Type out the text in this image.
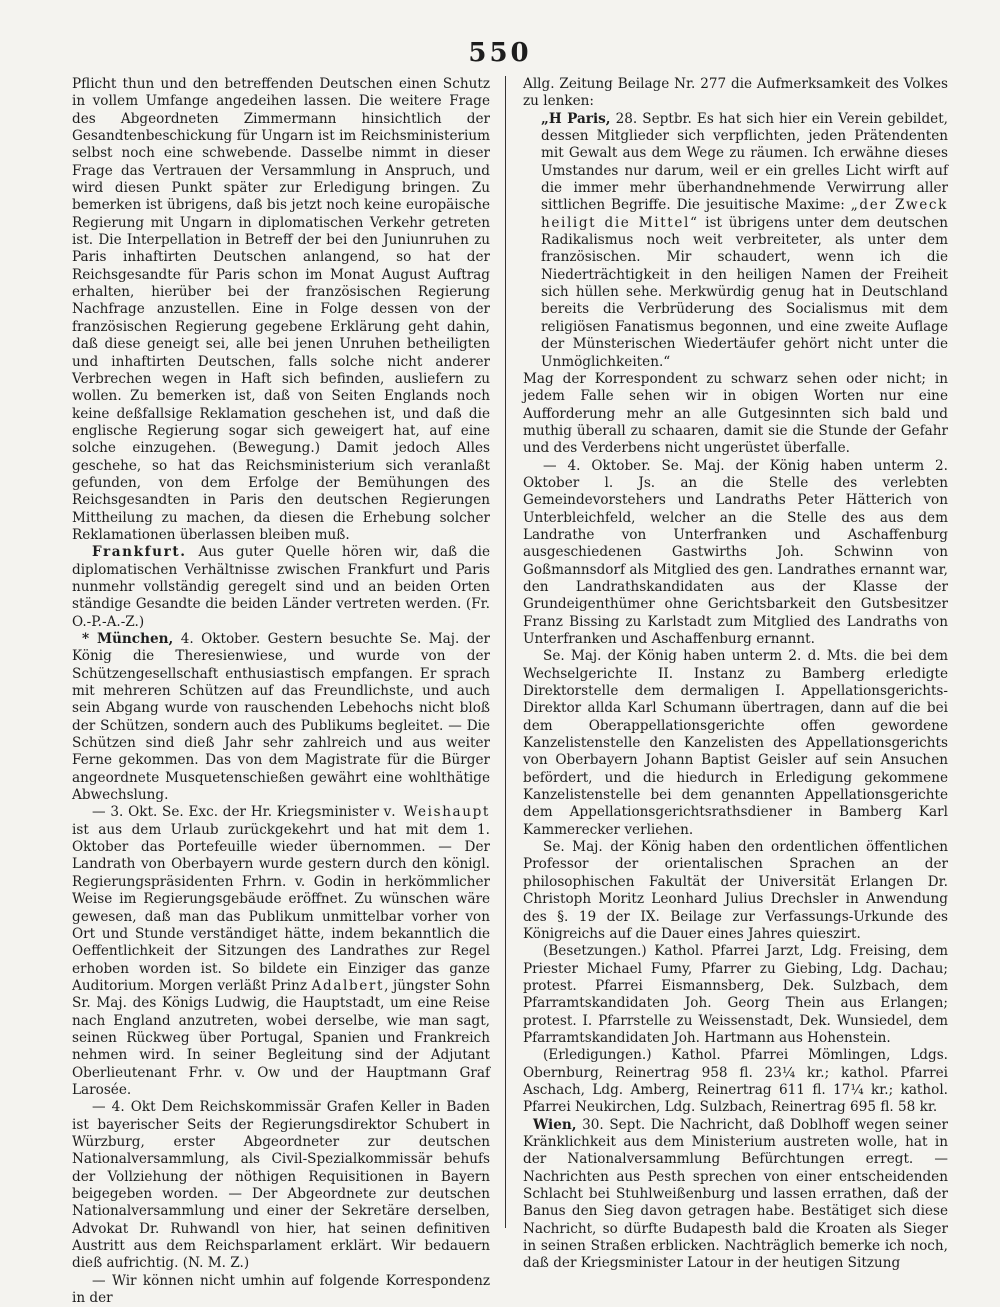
550

Pflicht thun und den betreffenden Deutschen einen Schutz in vollem Umfange angedeihen lassen. Die weitere Frage des Abgeordneten Zimmermann hinsichtlich der Gesandtenbeschickung für Ungarn ist im Reichsministerium selbst noch eine schwebende. Dasselbe nimmt in dieser Frage das Vertrauen der Versammlung in Anspruch, und wird diesen Punkt später zur Erledigung bringen. Zu bemerken ist übrigens, daß bis jetzt noch keine europäische Regierung mit Ungarn in diplomatischen Verkehr getreten ist. Die Interpellation in Betreff der bei den Juniunruhen zu Paris inhaftirten Deutschen anlangend, so hat der Reichsgesandte für Paris schon im Monat August Auftrag erhalten, hierüber bei der französischen Regierung Nachfrage anzustellen. Eine in Folge dessen von der französischen Regierung gegebene Erklärung geht dahin, daß diese geneigt sei, alle bei jenen Unruhen betheiligten und inhaftirten Deutschen, falls solche nicht anderer Verbrechen wegen in Haft sich befinden, ausliefern zu wollen. Zu bemerken ist, daß von Seiten Englands noch keine deßfallsige Reklamation geschehen ist, und daß die englische Regierung sogar sich geweigert hat, auf eine solche einzugehen. (Bewegung.) Damit jedoch Alles geschehe, so hat das Reichsministerium sich veranlaßt gefunden, von dem Erfolge der Bemühungen des Reichsgesandten in Paris den deutschen Regierungen Mittheilung zu machen, da diesen die Erhebung solcher Reklamationen überlassen bleiben muß.

Frankfurt. Aus guter Quelle hören wir, daß die diplomatischen Verhältnisse zwischen Frankfurt und Paris nunmehr vollständig geregelt sind und an beiden Orten ständige Gesandte die beiden Länder vertreten werden. (Fr. O.-P.-A.-Z.)

* München, 4. Oktober. Gestern besuchte Se. Maj. der König die Theresienwiese, und wurde von der Schützengesellschaft enthusiastisch empfangen. Er sprach mit mehreren Schützen auf das Freundlichste, und auch sein Abgang wurde von rauschenden Lebehochs nicht bloß der Schützen, sondern auch des Publikums begleitet. — Die Schützen sind dieß Jahr sehr zahlreich und aus weiter Ferne gekommen. Das von dem Magistrate für die Bürger angeordnete Musquetenschießen gewährt eine wohlthätige Abwechslung.

— 3. Okt. Se. Exc. der Hr. Kriegsminister v. Weishaupt ist aus dem Urlaub zurückgekehrt und hat mit dem 1. Oktober das Portefeuille wieder übernommen. — Der Landrath von Oberbayern wurde gestern durch den königl. Regierungspräsidenten Frhrn. v. Godin in herkömmlicher Weise im Regierungsgebäude eröffnet. Zu wünschen wäre gewesen, daß man das Publikum unmittelbar vorher von Ort und Stunde verständiget hätte, indem bekanntlich die Oeffentlichkeit der Sitzungen des Landrathes zur Regel erhoben worden ist. So bildete ein Einziger das ganze Auditorium. Morgen verläßt Prinz Adalbert, jüngster Sohn Sr. Maj. des Königs Ludwig, die Hauptstadt, um eine Reise nach England anzutreten, wobei derselbe, wie man sagt, seinen Rückweg über Portugal, Spanien und Frankreich nehmen wird. In seiner Begleitung sind der Adjutant Oberlieutenant Frhr. v. Ow und der Hauptmann Graf Larosée.

— 4. Okt Dem Reichskommissär Grafen Keller in Baden ist bayerischer Seits der Regierungsdirektor Schubert in Würzburg, erster Abgeordneter zur deutschen Nationalversammlung, als Civil-Spezialkommissär behufs der Vollziehung der nöthigen Requisitionen in Bayern beigegeben worden. — Der Abgeordnete zur deutschen Nationalversammlung und einer der Sekretäre derselben, Advokat Dr. Ruhwandl von hier, hat seinen definitiven Austritt aus dem Reichsparlament erklärt. Wir bedauern dieß aufrichtig. (N. M. Z.)

— Wir können nicht umhin auf folgende Korrespondenz in der

Allg. Zeitung Beilage Nr. 277 die Aufmerksamkeit des Volkes zu lenken:

„H Paris, 28. Septbr. Es hat sich hier ein Verein gebildet, dessen Mitglieder sich verpflichten, jeden Prätendenten mit Gewalt aus dem Wege zu räumen. Ich erwähne dieses Umstandes nur darum, weil er ein grelles Licht wirft auf die immer mehr überhandnehmende Verwirrung aller sittlichen Begriffe. Die jesuitische Maxime: „der Zweck heiligt die Mittel“ ist übrigens unter dem deutschen Radikalismus noch weit verbreiteter, als unter dem französischen. Mir schaudert, wenn ich die Niederträchtigkeit in den heiligen Namen der Freiheit sich hüllen sehe. Merkwürdig genug hat in Deutschland bereits die Verbrüderung des Socialismus mit dem religiösen Fanatismus begonnen, und eine zweite Auflage der Münsterischen Wiedertäufer gehört nicht unter die Unmöglichkeiten.“

Mag der Korrespondent zu schwarz sehen oder nicht; in jedem Falle sehen wir in obigen Worten nur eine Aufforderung mehr an alle Gutgesinnten sich bald und muthig überall zu schaaren, damit sie die Stunde der Gefahr und des Verderbens nicht ungerüstet überfalle.

— 4. Oktober. Se. Maj. der König haben unterm 2. Oktober l. Js. an die Stelle des verlebten Gemeindevorstehers und Landraths Peter Hätterich von Unterbleichfeld, welcher an die Stelle des aus dem Landrathe von Unterfranken und Aschaffenburg ausgeschiedenen Gastwirths Joh. Schwinn von Goßmannsdorf als Mitglied des gen. Landrathes ernannt war, den Landrathskandidaten aus der Klasse der Grundeigenthümer ohne Gerichtsbarkeit den Gutsbesitzer Franz Bissing zu Karlstadt zum Mitglied des Landraths von Unterfranken und Aschaffenburg ernannt.

Se. Maj. der König haben unterm 2. d. Mts. die bei dem Wechselgerichte II. Instanz zu Bamberg erledigte Direktorstelle dem dermaligen I. Appellationsgerichts-Direktor allda Karl Schumann übertragen, dann auf die bei dem Oberappellationsgerichte offen gewordene Kanzelistenstelle den Kanzelisten des Appellationsgerichts von Oberbayern Johann Baptist Geisler auf sein Ansuchen befördert, und die hiedurch in Erledigung gekommene Kanzelistenstelle bei dem genannten Appellationsgerichte dem Appellationsgerichtsrathsdiener in Bamberg Karl Kammerecker verliehen.

Se. Maj. der König haben den ordentlichen öffentlichen Professor der orientalischen Sprachen an der philosophischen Fakultät der Universität Erlangen Dr. Christoph Moritz Leonhard Julius Drechsler in Anwendung des §. 19 der IX. Beilage zur Verfassungs-Urkunde des Königreichs auf die Dauer eines Jahres quieszirt.

(Besetzungen.) Kathol. Pfarrei Jarzt, Ldg. Freising, dem Priester Michael Fumy, Pfarrer zu Giebing, Ldg. Dachau; protest. Pfarrei Eismannsberg, Dek. Sulzbach, dem Pfarramtskandidaten Joh. Georg Thein aus Erlangen; protest. I. Pfarrstelle zu Weissenstadt, Dek. Wunsiedel, dem Pfarramtskandidaten Joh. Hartmann aus Hohenstein.

(Erledigungen.) Kathol. Pfarrei Mömlingen, Ldgs. Obernburg, Reinertrag 958 fl. 23¼ kr.; kathol. Pfarrei Aschach, Ldg. Amberg, Reinertrag 611 fl. 17¼ kr.; kathol. Pfarrei Neukirchen, Ldg. Sulzbach, Reinertrag 695 fl. 58 kr.

Wien, 30. Sept. Die Nachricht, daß Doblhoff wegen seiner Kränklichkeit aus dem Ministerium austreten wolle, hat in der Nationalversammlung Befürchtungen erregt. — Nachrichten aus Pesth sprechen von einer entscheidenden Schlacht bei Stuhlweißenburg und lassen errathen, daß der Banus den Sieg davon getragen habe. Bestätiget sich diese Nachricht, so dürfte Budapesth bald die Kroaten als Sieger in seinen Straßen erblicken. Nachträglich bemerke ich noch, daß der Kriegsminister Latour in der heutigen Sitzung
